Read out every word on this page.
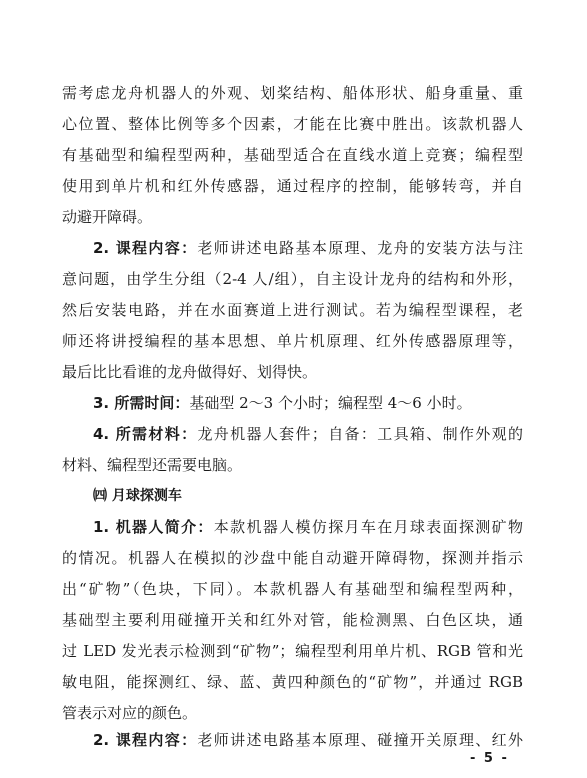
需考虑龙舟机器人的外观、划桨结构、船体形状、船身重量、重
心位置、整体比例等多个因素，才能在比赛中胜出。该款机器人
有基础型和编程型两种，基础型适合在直线水道上竞赛；编程型
使用到单片机和红外传感器，通过程序的控制，能够转弯，并自
动避开障碍。
2. 课程内容：老师讲述电路基本原理、龙舟的安装方法与注
意问题，由学生分组（2-4 人/组），自主设计龙舟的结构和外形，
然后安装电路，并在水面赛道上进行测试。若为编程型课程，老
师还将讲授编程的基本思想、单片机原理、红外传感器原理等，
最后比比看谁的龙舟做得好、划得快。
3. 所需时间：基础型 2～3 个小时；编程型 4～6 小时。
4. 所需材料：龙舟机器人套件；自备：工具箱、制作外观的
材料、编程型还需要电脑。
㈣ 月球探测车
1. 机器人简介：本款机器人模仿探月车在月球表面探测矿物
的情况。机器人在模拟的沙盘中能自动避开障碍物，探测并指示
出“矿物”（色块，下同）。本款机器人有基础型和编程型两种，
基础型主要利用碰撞开关和红外对管，能检测黑、白色区块，通
过 LED 发光表示检测到“矿物”；编程型利用单片机、RGB 管和光
敏电阻，能探测红、绿、蓝、黄四种颜色的“矿物”，并通过 RGB
管表示对应的颜色。
2. 课程内容：老师讲述电路基本原理、碰撞开关原理、红外
- 5 -
